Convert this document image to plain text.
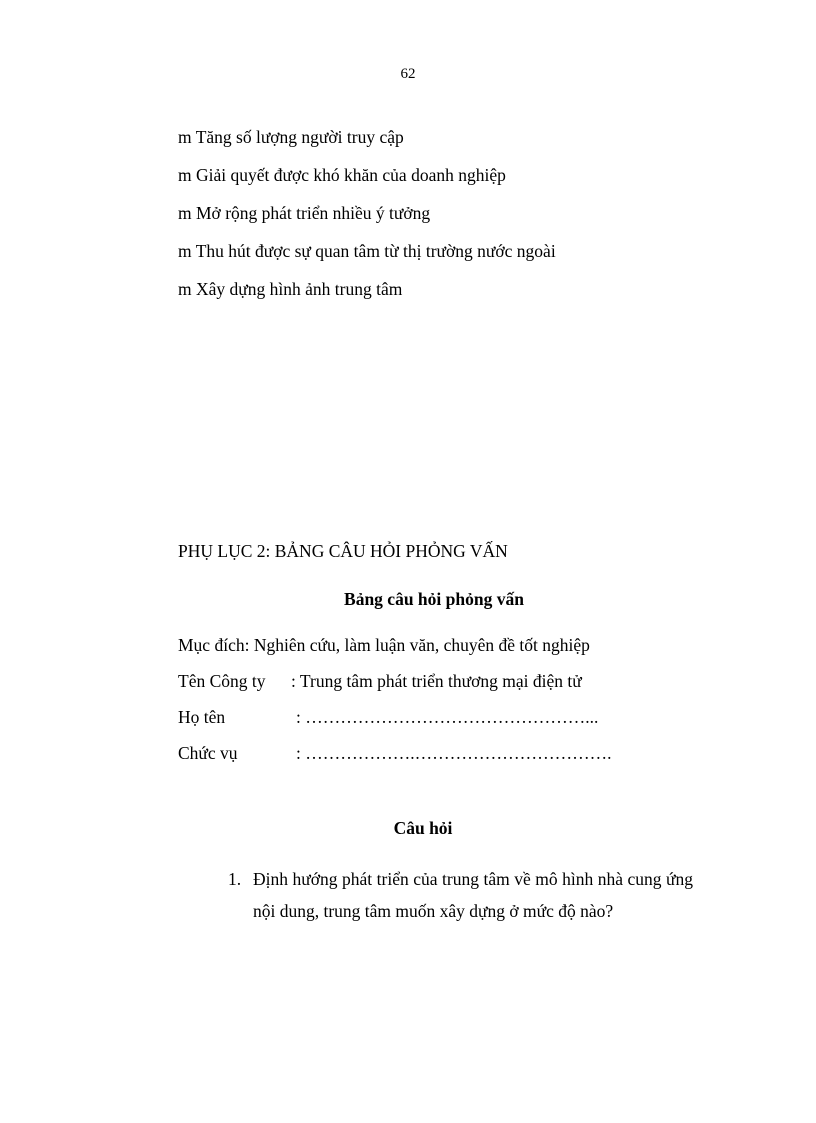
62
m Tăng số lượng người truy cập
m Giải quyết được khó khăn của doanh nghiệp
m Mở rộng phát triển nhiều ý tưởng
m Thu hút được sự quan tâm từ thị trường nước ngoài
m Xây dựng hình ảnh trung tâm
PHỤ LỤC 2: BẢNG CÂU HỎI PHỎNG VẤN
Bảng câu hỏi phỏng vấn
Mục đích: Nghiên cứu, làm luận văn, chuyên đề tốt nghiệp
Tên Công ty : Trung tâm phát triển thương mại điện tử
Họ tên	: …………………………………………...
Chức vụ	: ……………….…………………………….
Câu hỏi
1. Định hướng phát triển của trung tâm về mô hình nhà cung ứng nội dung, trung tâm muốn xây dựng ở mức độ nào?
